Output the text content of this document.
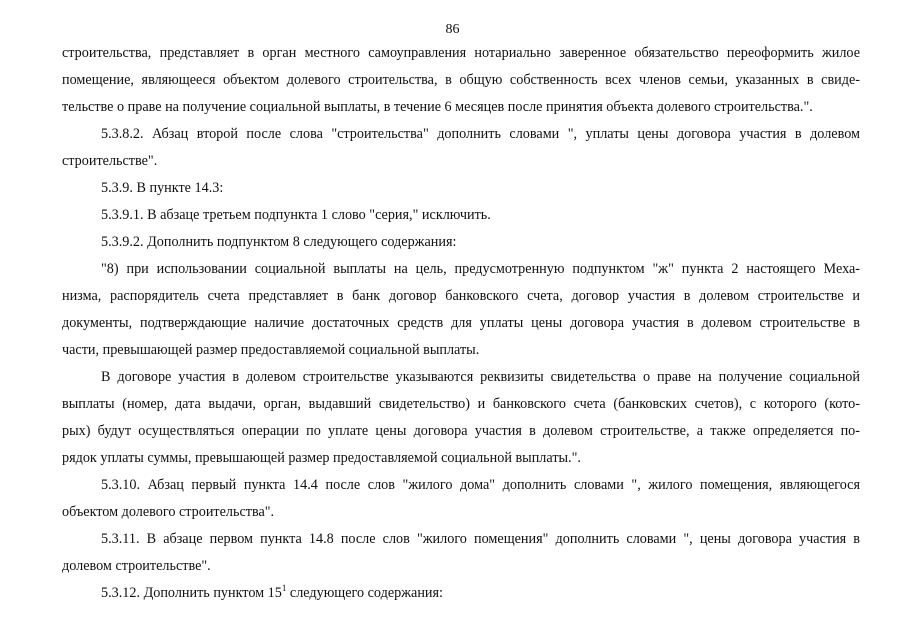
86
строительства, представляет в орган местного самоуправления нотариально заверенное обязательство переоформить жилое
помещение, являющееся объектом долевого строительства, в общую собственность всех членов семьи, указанных в свиде-
тельстве о праве на получение социальной выплаты, в течение 6 месяцев после принятия объекта долевого строительства.".
5.3.8.2. Абзац второй после слова "строительства" дополнить словами ", уплаты цены договора участия в долевом
строительстве".
5.3.9. В пункте 14.3:
5.3.9.1. В абзаце третьем подпункта 1 слово "серия," исключить.
5.3.9.2. Дополнить подпунктом 8 следующего содержания:
"8) при использовании социальной выплаты на цель, предусмотренную подпунктом "ж" пункта 2 настоящего Меха-
низма, распорядитель счета представляет в банк договор банковского счета, договор участия в долевом строительстве и
документы, подтверждающие наличие достаточных средств для уплаты цены договора участия в долевом строительстве в
части, превышающей размер предоставляемой социальной выплаты.
В договоре участия в долевом строительстве указываются реквизиты свидетельства о праве на получение социальной
выплаты (номер, дата выдачи, орган, выдавший свидетельство) и банковского счета (банковских счетов), с которого (кото-
рых) будут осуществляться операции по уплате цены договора участия в долевом строительстве, а также определяется по-
рядок уплаты суммы, превышающей размер предоставляемой социальной выплаты.".
5.3.10. Абзац первый пункта 14.4 после слов "жилого дома" дополнить словами ", жилого помещения, являющегося
объектом долевого строительства".
5.3.11. В абзаце первом пункта 14.8 после слов "жилого помещения" дополнить словами ", цены договора участия в
долевом строительстве".
5.3.12. Дополнить пунктом $15^1$ следующего содержания:
